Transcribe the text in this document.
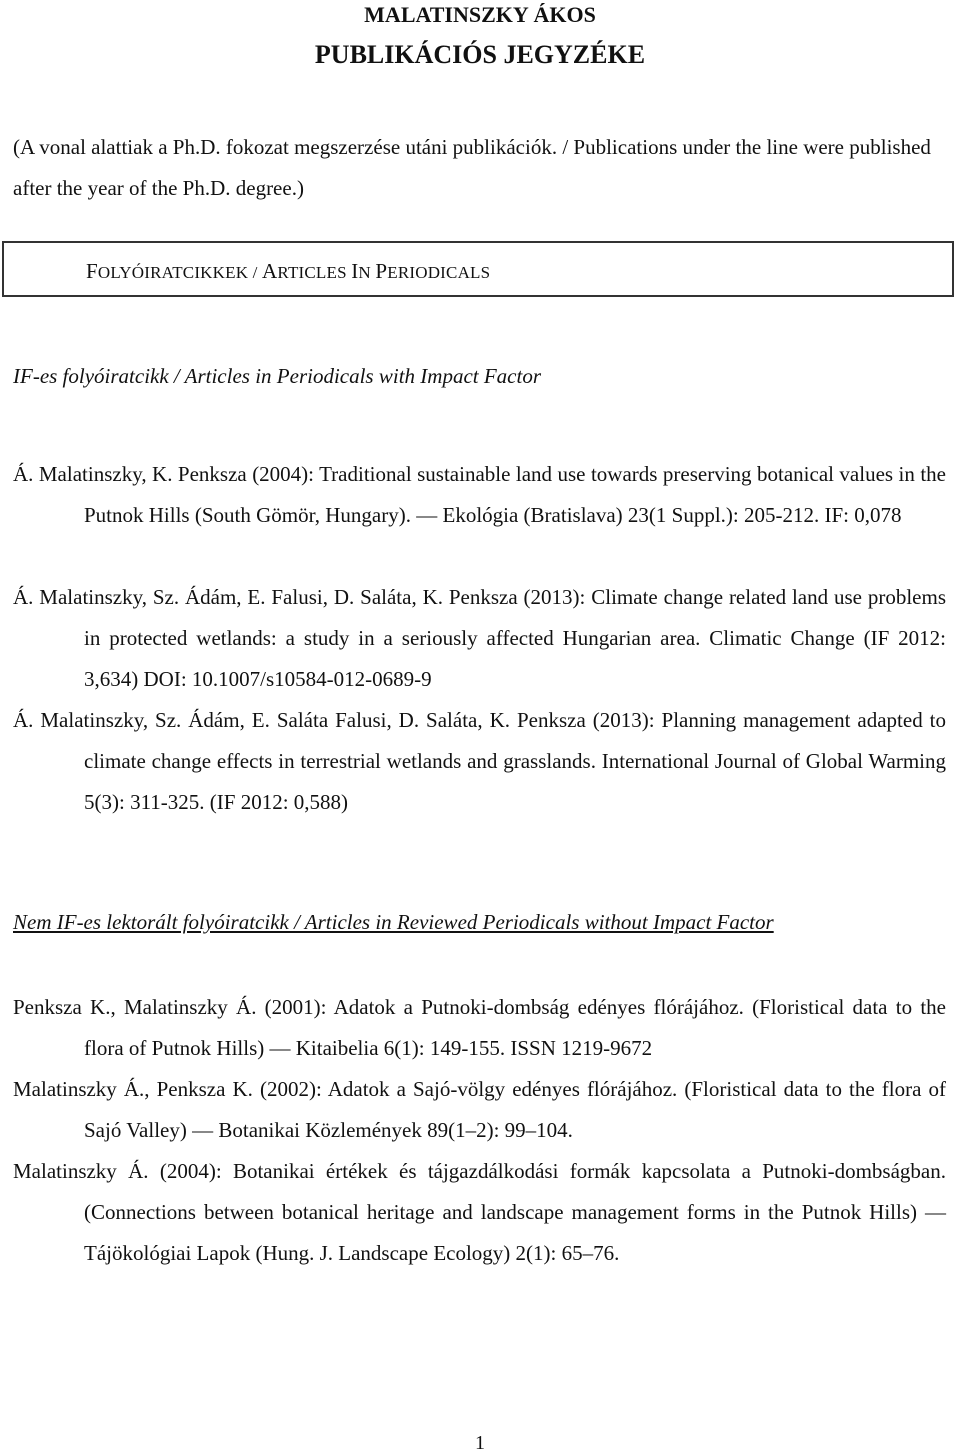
MALATINSZKY ÁKOS
PUBLIKÁCIÓS JEGYZÉKE
(A vonal alattiak a Ph.D. fokozat megszerzése utáni publikációk. / Publications under the line were published after the year of the Ph.D. degree.)
FOLYÓIRATCIKKEK / ARTICLES IN PERIODICALS
IF-es folyóiratcikk / Articles in Periodicals with Impact Factor
Á. Malatinszky, K. Penksza (2004): Traditional sustainable land use towards preserving botanical values in the Putnok Hills (South Gömör, Hungary). — Ekológia (Bratislava) 23(1 Suppl.): 205-212. IF: 0,078
Á. Malatinszky, Sz. Ádám, E. Falusi, D. Saláta, K. Penksza (2013): Climate change related land use problems in protected wetlands: a study in a seriously affected Hungarian area. Climatic Change (IF 2012: 3,634) DOI: 10.1007/s10584-012-0689-9
Á. Malatinszky, Sz. Ádám, E. Saláta Falusi, D. Saláta, K. Penksza (2013): Planning management adapted to climate change effects in terrestrial wetlands and grasslands. International Journal of Global Warming 5(3): 311-325. (IF 2012: 0,588)
Nem IF-es lektorált folyóiratcikk / Articles in Reviewed Periodicals without Impact Factor
Penksza K., Malatinszky Á. (2001): Adatok a Putnoki-dombság edényes flórájához. (Floristical data to the flora of Putnok Hills) — Kitaibelia 6(1): 149-155. ISSN 1219-9672
Malatinszky Á., Penksza K. (2002): Adatok a Sajó-völgy edényes flórájához. (Floristical data to the flora of Sajó Valley) — Botanikai Közlemények 89(1–2): 99–104.
Malatinszky Á. (2004): Botanikai értékek és tájgazdálkodási formák kapcsolata a Putnoki-dombságban. (Connections between botanical heritage and landscape management forms in the Putnok Hills) — Tájökológiai Lapok (Hung. J. Landscape Ecology) 2(1): 65–76.
1
